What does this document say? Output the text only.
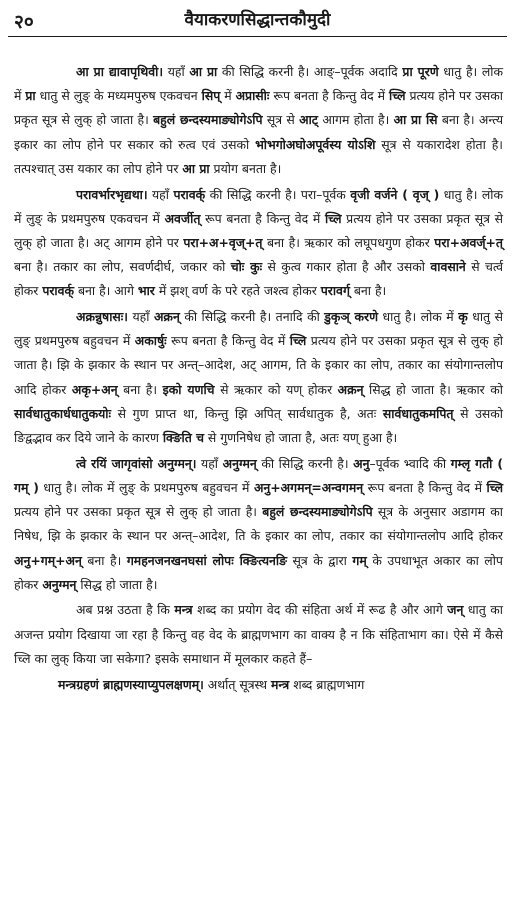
२०	वैयाकरणसिद्धान्तकौमुदी

आ प्रा द्यावापृथिवी। यहाँ आ प्रा की सिद्धि करनी है। आङ्–पूर्वक अदादि प्रा पूरणे धातु है। लोक में प्रा धातु से लुङ् के मध्यमपुरुष एकवचन सिप् में अप्रासीः रूप बनता है किन्तु वेद में च्लि प्रत्यय होने पर उसका प्रकृत सूत्र से लुक् हो जाता है। बहुलं छन्दस्यमाङ्योगेऽपि सूत्र से आट् आगम होता है। आ प्रा सि बना है। अन्त्य इकार का लोप होने पर सकार को रुत्व एवं उसको भोभगोअघोअपूर्वस्य योऽशि सूत्र से यकारादेश होता है। तत्पश्चात् उस यकार का लोप होने पर आ प्रा प्रयोग बनता है।

परावर्भारभृद्यथा। यहाँ परावर्क् की सिद्धि करनी है। परा–पूर्वक वृजी वर्जने ( वृज् ) धातु है। लोक में लुङ् के प्रथमपुरुष एकवचन में अवर्जीत् रूप बनता है किन्तु वेद में च्लि प्रत्यय होने पर उसका प्रकृत सूत्र से लुक् हो जाता है। अट् आगम होने पर परा+अ+वृज्+त् बना है। ऋकार को लघूपधगुण होकर परा+अवर्ज्+त् बना है। तकार का लोप, सवर्णदीर्घ, जकार को चोः कुः से कुत्व गकार होता है और उसको वावसाने से चर्त्व होकर परावर्क् बना है। आगे भार में झश् वर्ण के परे रहते जश्त्व होकर परावर्ग् बना है।

अक्रन्नुषासः। यहाँ अक्रन् की सिद्धि करनी है। तनादि की डुकृञ् करणे धातु है। लोक में कृ धातु से लुङ् प्रथमपुरुष बहुवचन में अकार्षुः रूप बनता है किन्तु वेद में च्लि प्रत्यय होने पर उसका प्रकृत सूत्र से लुक् हो जाता है। झि के झकार के स्थान पर अन्त्–आदेश, अट् आगम, ति के इकार का लोप, तकार का संयोगान्तलोप आदि होकर अकृ+अन् बना है। इको यणचि से ऋकार को यण् होकर अक्रन् सिद्ध हो जाता है। ऋकार को सार्वधातुकार्धधातुकयोः से गुण प्राप्त था, किन्तु झि अपित् सार्वधातुक है, अतः सार्वधातुकमपित् से उसको ङिद्वद्भाव कर दिये जाने के कारण क्ङिति च से गुणनिषेध हो जाता है, अतः यण् हुआ है।

त्वे रयिं जागृवांसो अनुग्मन्। यहाँ अनुग्मन् की सिद्धि करनी है। अनु–पूर्वक भ्वादि की गम्लृ गतौ ( गम् ) धातु है। लोक में लुङ् के प्रथमपुरुष बहुवचन में अनु+अगमन्=अन्वगमन् रूप बनता है किन्तु वेद में च्लि प्रत्यय होने पर उसका प्रकृत सूत्र से लुक् हो जाता है। बहुलं छन्दस्यमाङ्योगेऽपि सूत्र के अनुसार अडागम का निषेध, झि के झकार के स्थान पर अन्त्–आदेश, ति के इकार का लोप, तकार का संयोगान्तलोप आदि होकर अनु+गम्+अन् बना है। गमहनजनखनघसां लोपः क्ङित्यनङि सूत्र के द्वारा गम् के उपधाभूत अकार का लोप होकर अनुग्मन् सिद्ध हो जाता है।

अब प्रश्न उठता है कि मन्त्र शब्द का प्रयोग वेद की संहिता अर्थ में रूढ है और आगे जन् धातु का अजन्त प्रयोग दिखाया जा रहा है किन्तु वह वेद के ब्राह्मणभाग का वाक्य है न कि संहिताभाग का। ऐसे में कैसे च्लि का लुक् किया जा सकेगा? इसके समाधान में मूलकार कहते हैं–

मन्त्रग्रहणं ब्राह्मणस्याप्युपलक्षणम्। अर्थात् सूत्रस्थ मन्त्र शब्द ब्राह्मणभाग
